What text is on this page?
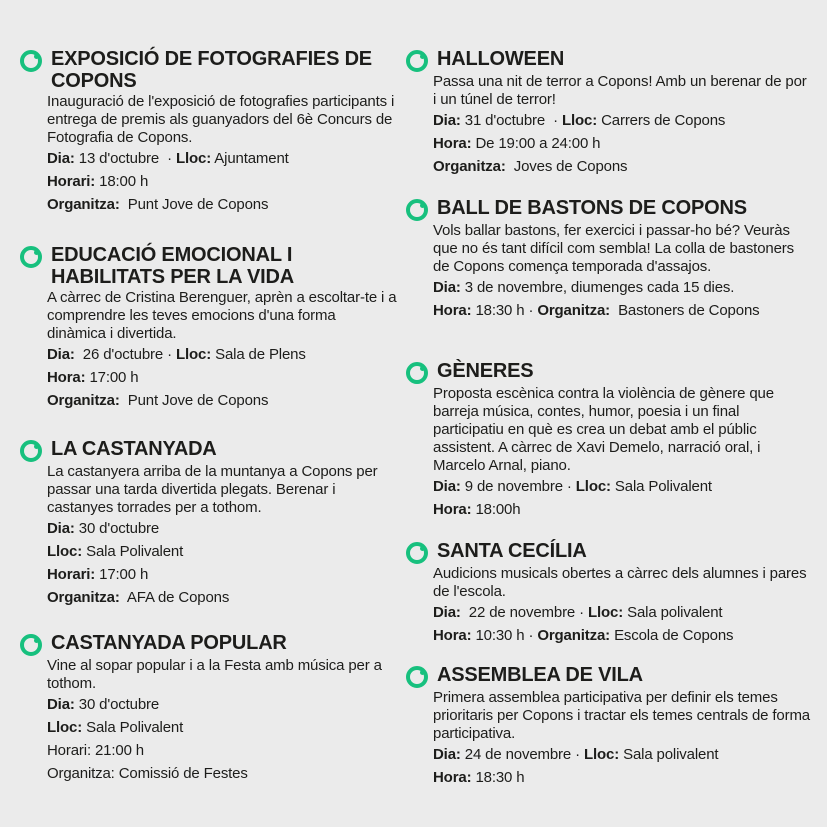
EXPOSICIÓ DE FOTOGRAFIES DE COPONS

Inauguració de l'exposició de fotografies participants i entrega de premis als guanyadors del 6è Concurs de Fotografia de Copons.

Dia: 13 d'octubre  · Lloc: Ajuntament

Horari: 18:00 h

Organitza: Punt Jove de Copons

EDUCACIÓ EMOCIONAL I HABILITATS PER LA VIDA

A càrrec de Cristina Berenguer, aprèn a escoltar-te i a comprendre les teves emocions d'una forma dinàmica i divertida.

Dia: 26 d'octubre · Lloc: Sala de Plens

Hora: 17:00 h

Organitza: Punt Jove de Copons

LA CASTANYADA

La castanyera arriba de la muntanya a Copons per passar una tarda divertida plegats. Berenar i castanyes torrades per a tothom.

Dia: 30 d'octubre

Lloc: Sala Polivalent

Horari: 17:00 h

Organitza: AFA de Copons

CASTANYADA POPULAR

Vine al sopar popular i a la Festa amb música per a tothom.

Dia: 30 d'octubre

Lloc: Sala Polivalent

Horari: 21:00 h

Organitza: Comissió de Festes

HALLOWEEN

Passa una nit de terror a Copons! Amb un berenar de por i un túnel de terror!

Dia: 31 d'octubre  · Lloc: Carrers de Copons

Hora: De 19:00 a 24:00 h

Organitza: Joves de Copons

BALL DE BASTONS DE COPONS

Vols ballar bastons, fer exercici i passar-ho bé? Veuràs que no és tant difícil com sembla! La colla de bastoners de Copons comença temporada d'assajos.

Dia: 3 de novembre, diumenges cada 15 dies.

Hora: 18:30 h · Organitza: Bastoners de Copons

GÈNERES

Proposta escènica contra la violència de gènere que barreja música, contes, humor, poesia i un final participatiu en què es crea un debat amb el públic assistent. A càrrec de Xavi Demelo, narració oral, i Marcelo Arnal, piano.

Dia: 9 de novembre · Lloc: Sala Polivalent

Hora: 18:00h

SANTA CECÍLIA

Audicions musicals obertes a càrrec dels alumnes i pares de l'escola.

Dia: 22 de novembre · Lloc: Sala polivalent

Hora: 10:30 h · Organitza: Escola de Copons

ASSEMBLEA DE VILA

Primera assemblea participativa per definir els temes prioritaris per Copons i tractar els temes centrals de forma participativa.

Dia: 24 de novembre · Lloc: Sala polivalent

Hora: 18:30 h
